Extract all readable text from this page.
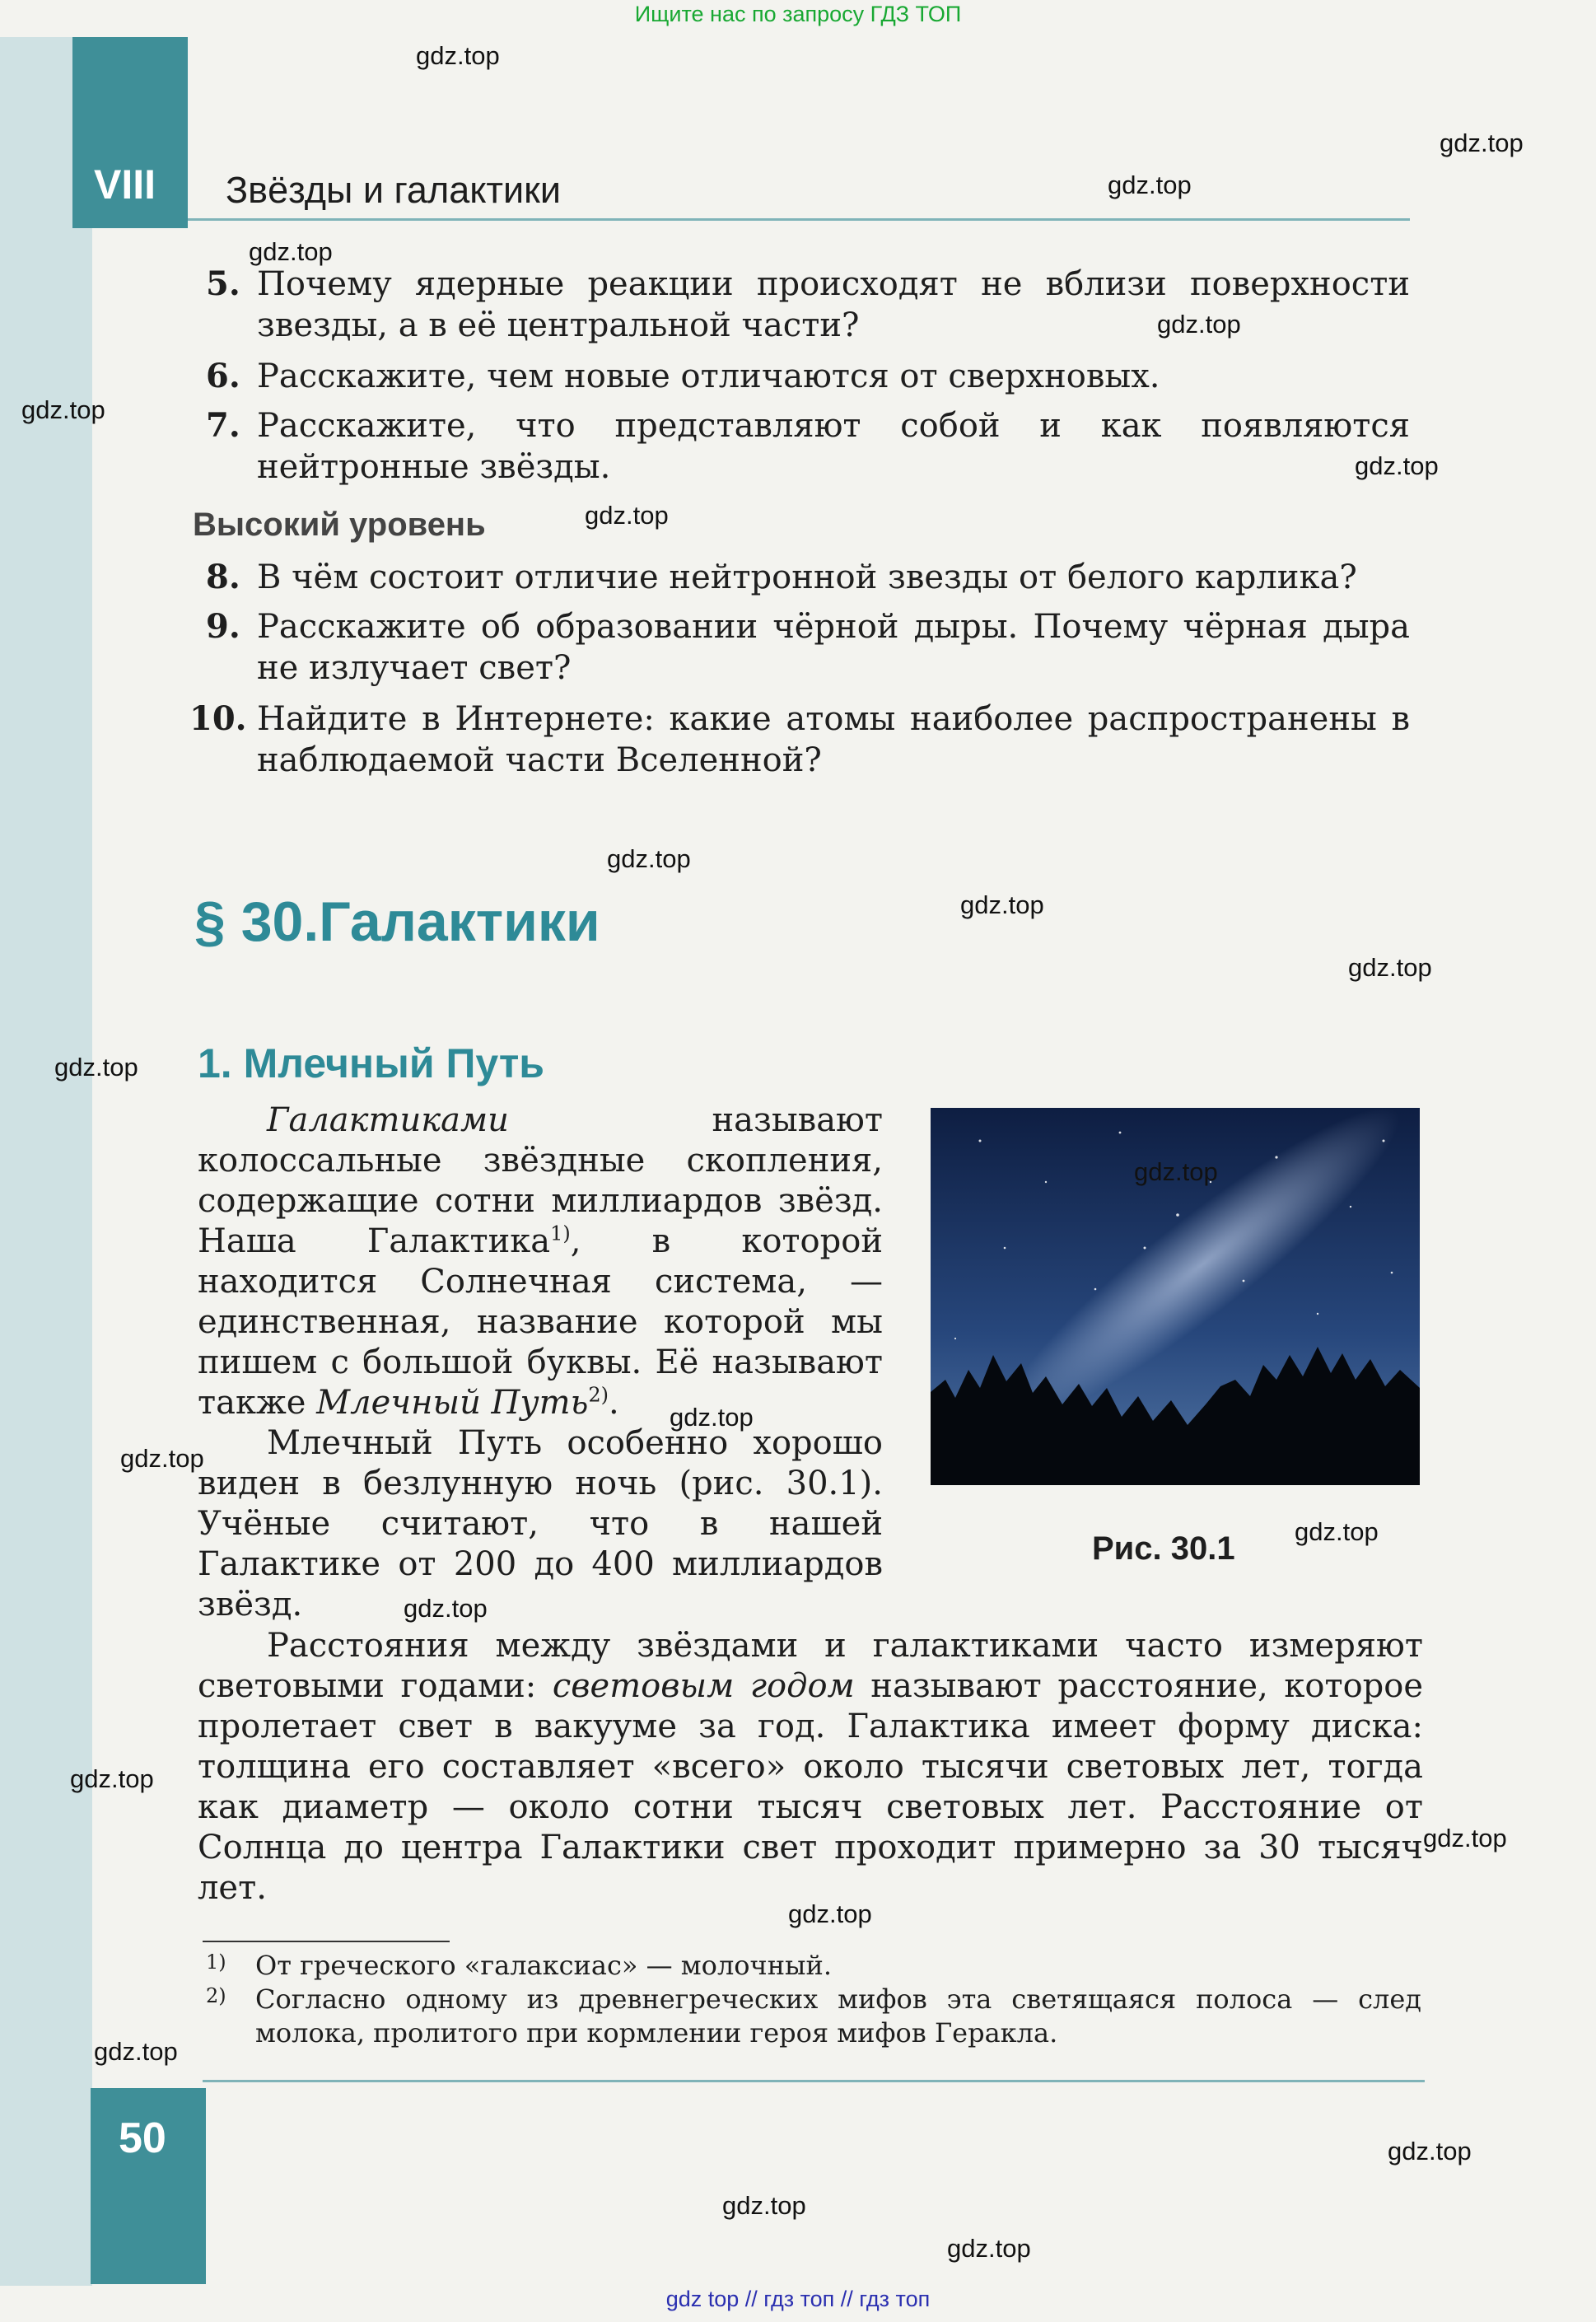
Ищите нас по запросу ГДЗ ТОП
VIII Звёзды и галактики
5. Почему ядерные реакции происходят не вблизи поверхности звезды, а в её центральной части?
6. Расскажите, чем новые отличаются от сверхновых.
7. Расскажите, что представляют собой и как появляются нейтронные звёзды.
Высокий уровень
8. В чём состоит отличие нейтронной звезды от белого карлика?
9. Расскажите об образовании чёрной дыры. Почему чёрная дыра не излучает свет?
10. Найдите в Интернете: какие атомы наиболее распространены в наблюдаемой части Вселенной?
§ 30.Галактики
1. Млечный Путь

Галактиками называют колоссальные звёздные скопления, содержащие сотни миллиардов звёзд. Наша Галактика$^{1)}$, в которой находится Солнечная система, — единственная, название которой мы пишем с большой буквы. Её называют также Млечный Путь$^{2)}$.

Млечный Путь особенно хорошо виден в безлунную ночь (рис. 30.1). Учёные считают, что в нашей Галактике от 200 до 400 миллиардов звёзд.

Рис. 30.1

Расстояния между звёздами и галактиками часто измеряют световыми годами: световым годом называют расстояние, которое пролетает свет в вакууме за год. Галактика имеет форму диска: толщина его составляет «всего» около тысячи световых лет, тогда как диаметр — около сотни тысяч световых лет. Расстояние от Солнца до центра Галактики свет проходит примерно за 30 тысяч лет.

1) От греческого «галаксиас» — молочный.
2) Согласно одному из древнегреческих мифов эта светящаяся полоса — след молока, пролитого при кормлении героя мифов Геракла.
50
gdz.top
gdz.top
gdz.top
gdz.top
gdz.top
gdz.top
gdz.top
gdz.top
gdz.top
gdz.top
gdz.top
gdz.top
gdz.top
gdz.top
gdz.top
gdz.top
gdz.top
gdz.top
gdz.top
gdz.top
gdz.top
gdz.top
gdz.top
gdz.top
gdz top // гдз топ // гдз топ
